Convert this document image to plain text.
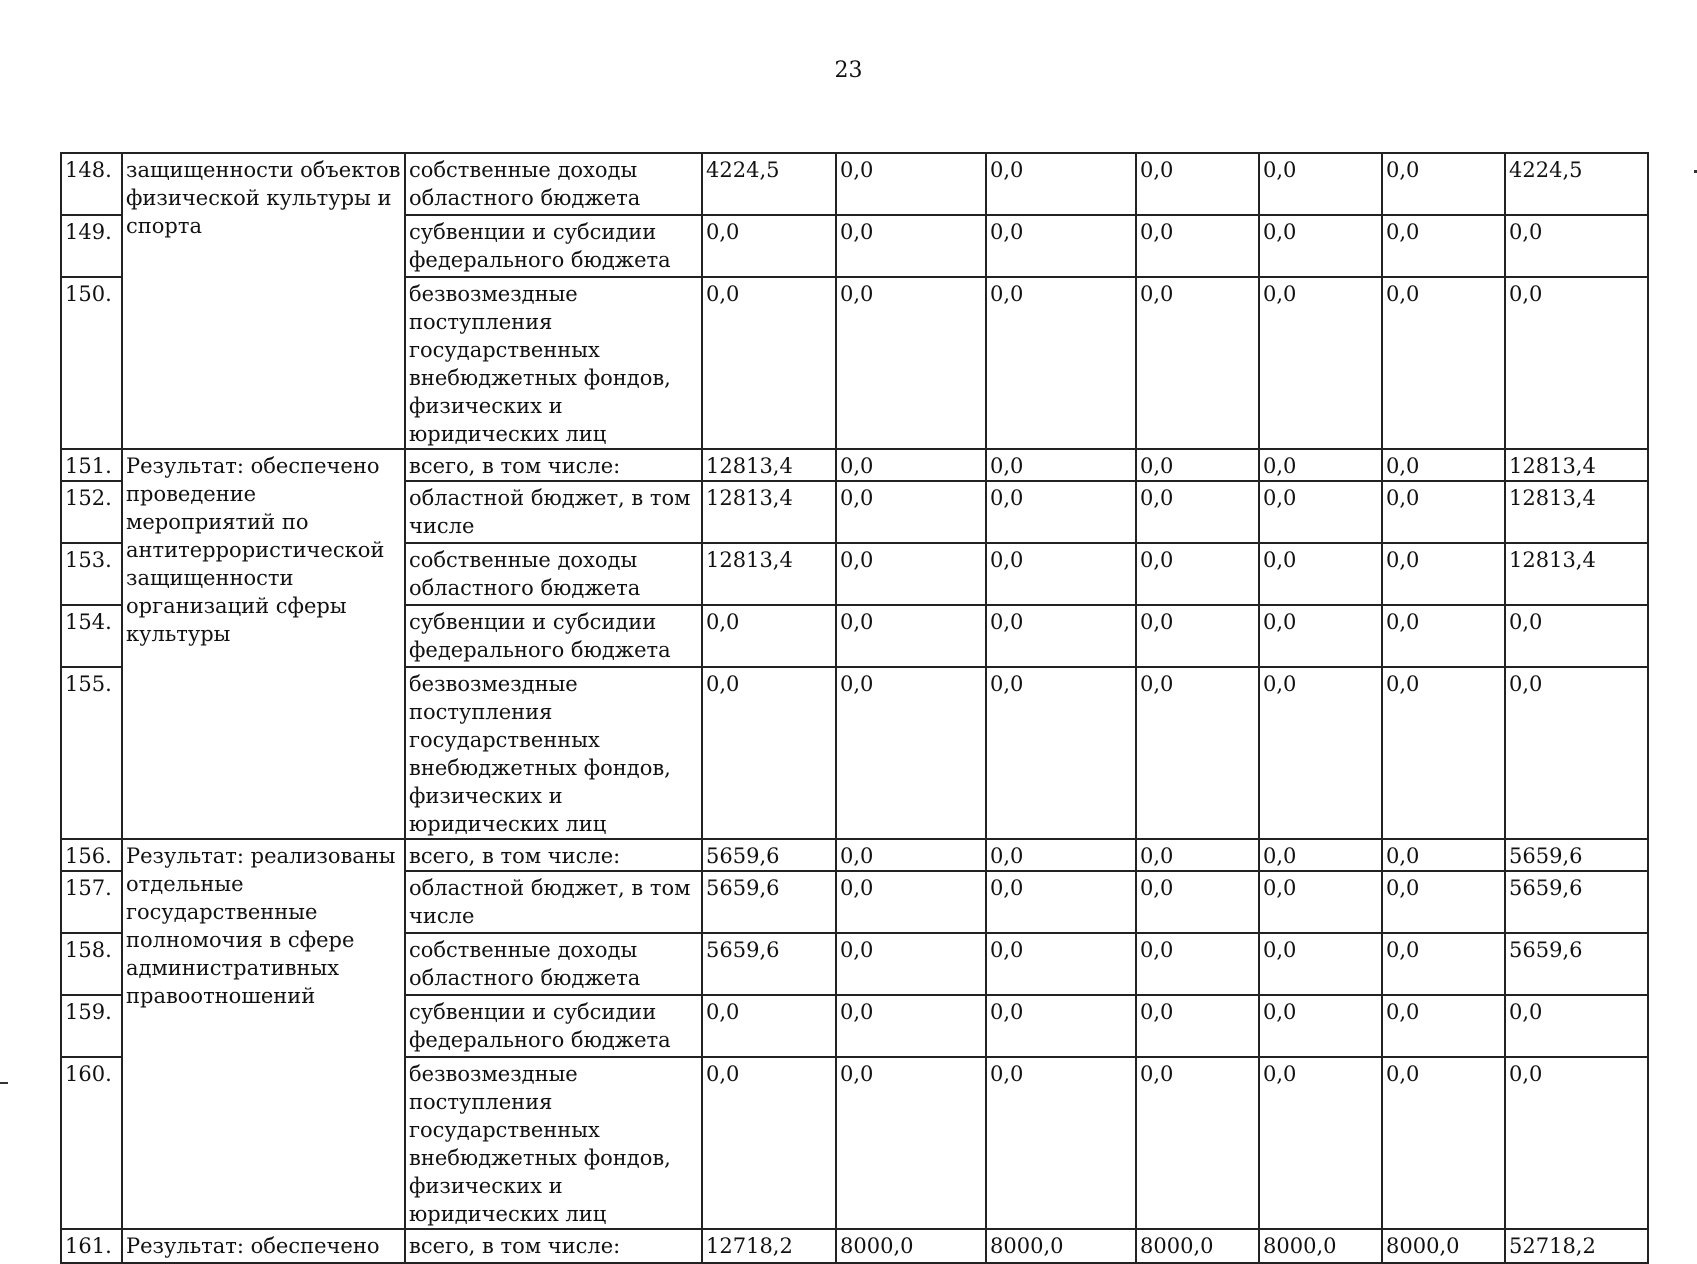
23
148.	защищенности объектов физической культуры и спорта	собственные доходы областного бюджета	4224,5	0,0	0,0	0,0	0,0	0,0	4224,5
149.		субвенции и субсидии федерального бюджета	0,0	0,0	0,0	0,0	0,0	0,0	0,0
150.		безвозмездные поступления государственных внебюджетных фондов, физических и юридических лиц	0,0	0,0	0,0	0,0	0,0	0,0	0,0
151.	Результат: обеспечено проведение мероприятий по антитеррористической защищенности организаций сферы культуры	всего, в том числе:	12813,4	0,0	0,0	0,0	0,0	0,0	12813,4
152.		областной бюджет, в том числе	12813,4	0,0	0,0	0,0	0,0	0,0	12813,4
153.		собственные доходы областного бюджета	12813,4	0,0	0,0	0,0	0,0	0,0	12813,4
154.		субвенции и субсидии федерального бюджета	0,0	0,0	0,0	0,0	0,0	0,0	0,0
155.		безвозмездные поступления государственных внебюджетных фондов, физических и юридических лиц	0,0	0,0	0,0	0,0	0,0	0,0	0,0
156.	Результат: реализованы отдельные государственные полномочия в сфере административных правоотношений	всего, в том числе:	5659,6	0,0	0,0	0,0	0,0	0,0	5659,6
157.		областной бюджет, в том числе	5659,6	0,0	0,0	0,0	0,0	0,0	5659,6
158.		собственные доходы областного бюджета	5659,6	0,0	0,0	0,0	0,0	0,0	5659,6
159.		субвенции и субсидии федерального бюджета	0,0	0,0	0,0	0,0	0,0	0,0	0,0
160.		безвозмездные поступления государственных внебюджетных фондов, физических и юридических лиц	0,0	0,0	0,0	0,0	0,0	0,0	0,0
161.	Результат: обеспечено	всего, в том числе:	12718,2	8000,0	8000,0	8000,0	8000,0	8000,0	52718,2
